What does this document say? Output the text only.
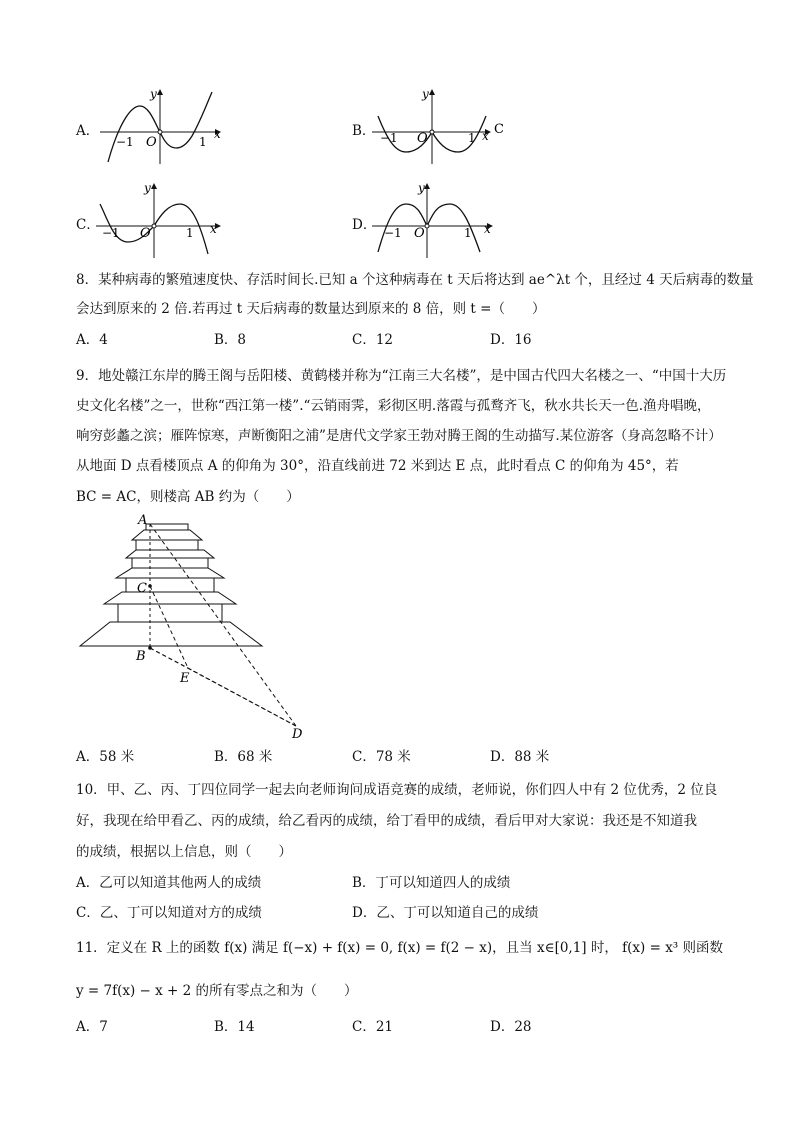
A．
−1 O	1
x
y
B． −1 O	1 x
y
C
C． −1 O	1 x
y
D． −1 O	1 x
y
8．某种病毒的繁殖速度快、存活时间长.已知 a 个这种病毒在 t 天后将达到 ae^λt 个，且经过 4 天后病毒的数量
会达到原来的 2 倍.若再过 t 天后病毒的数量达到原来的 8 倍，则 t =（　　）
A．4	B．8	C．12	D．16
9．地处赣江东岸的腾王阁与岳阳楼、黄鹤楼并称为“江南三大名楼”，是中国古代四大名楼之一、“中国十大历
史文化名楼”之一，世称“西江第一楼”.“云销雨霁，彩彻区明.落霞与孤鹜齐飞，秋水共长天一色.渔舟唱晚，
响穷彭蠡之滨；雁阵惊寒，声断衡阳之浦”是唐代文学家王勃对腾王阁的生动描写.某位游客（身高忽略不计）
从地面 D 点看楼顶点 A 的仰角为 30°，沿直线前进 72 米到达 E 点，此时看点 C 的仰角为 45°，若
BC = AC，则楼高 AB 约为（　　）
A
C
B
E
D
A．58 米	B．68 米	C．78 米	D．88 米
10．甲、乙、丙、丁四位同学一起去向老师询问成语竞赛的成绩，老师说，你们四人中有 2 位优秀，2 位良
好，我现在给甲看乙、丙的成绩，给乙看丙的成绩，给丁看甲的成绩，看后甲对大家说：我还是不知道我
的成绩，根据以上信息，则（　　）
A．乙可以知道其他两人的成绩	B．丁可以知道四人的成绩
C．乙、丁可以知道对方的成绩	D．乙、丁可以知道自己的成绩
11．定义在 R 上的函数 f(x) 满足 f(−x) + f(x) = 0, f(x) = f(2 − x)，且当 x∈[0,1] 时， f(x) = x³ 则函数
y = 7f(x) − x + 2 的所有零点之和为（　　）
A．7	B．14	C．21	D．28
